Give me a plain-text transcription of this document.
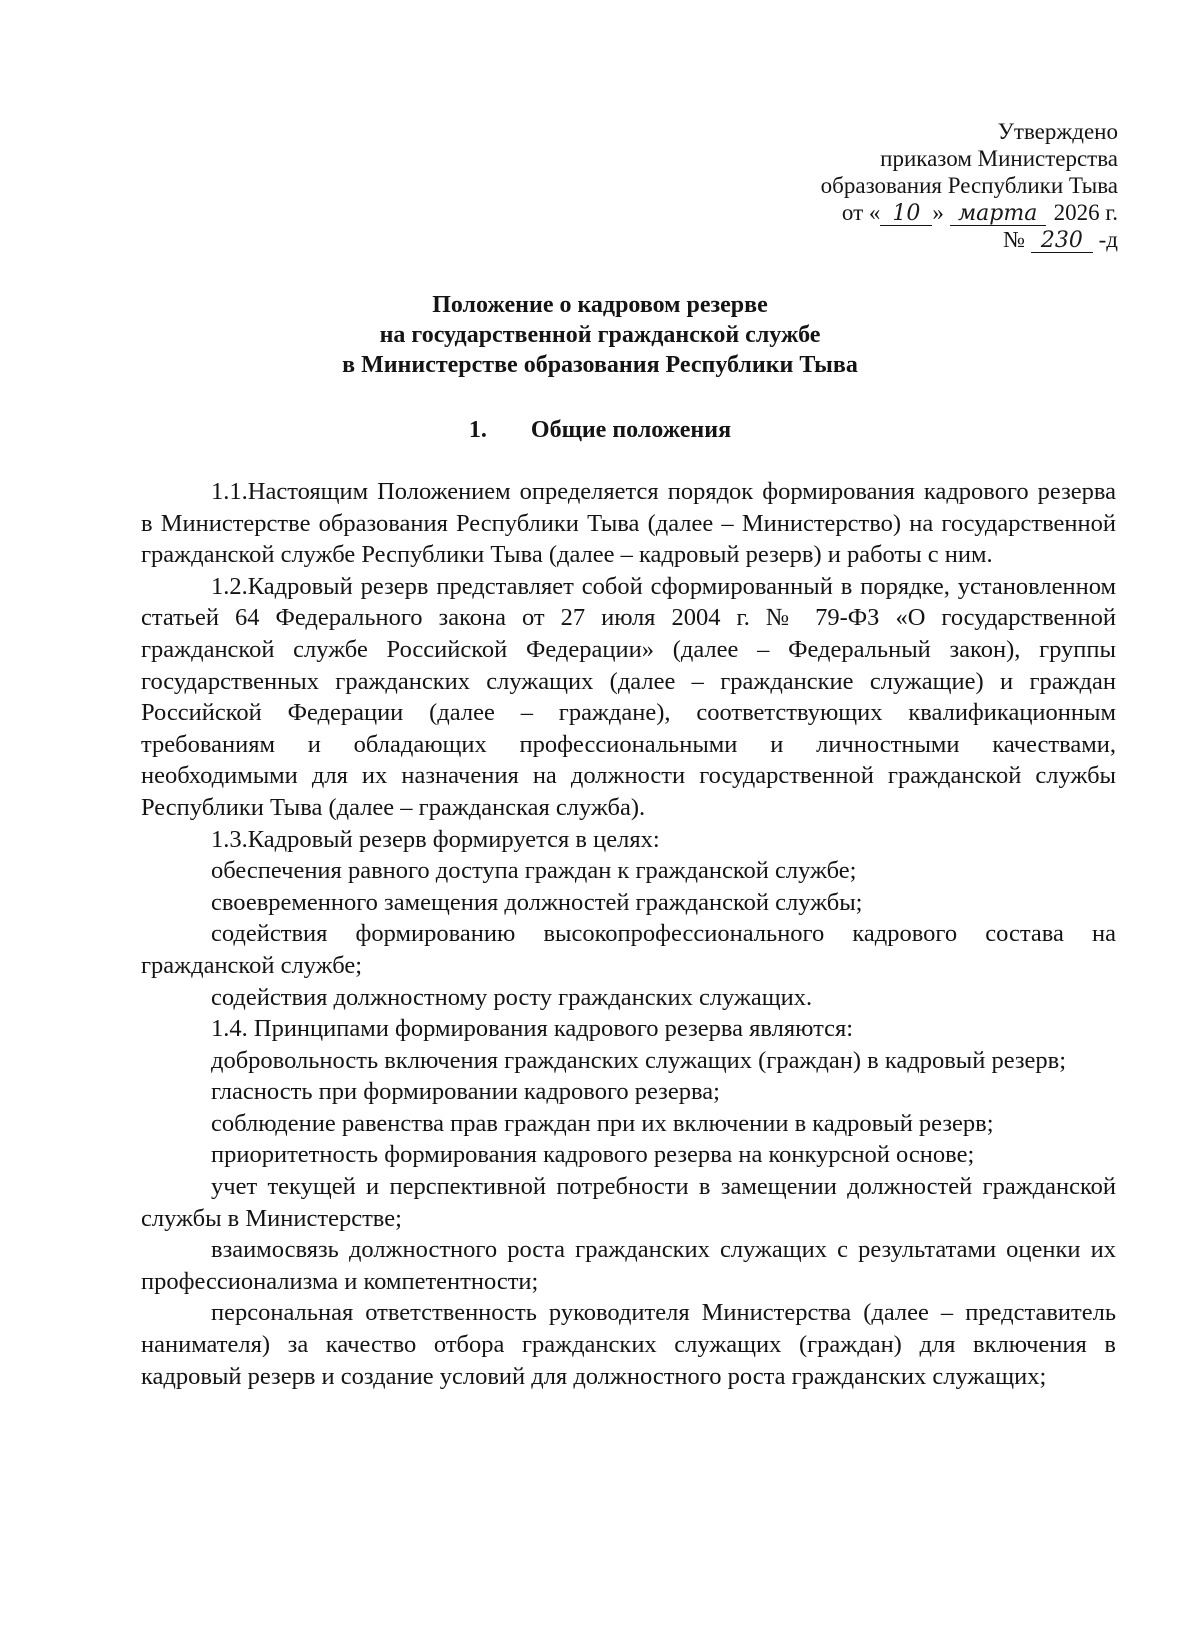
Утверждено
приказом Министерства
образования Республики Тыва
от « 10 » марта 2026 г.
№ 230 -д
Положение о кадровом резерве
на государственной гражданской службе
в Министерстве образования Республики Тыва
1. Общие положения

1.1.Настоящим Положением определяется порядок формирования кадрового резерва в Министерстве образования Республики Тыва (далее – Министерство) на государственной гражданской службе Республики Тыва (далее – кадровый резерв) и работы с ним.

1.2.Кадровый резерв представляет собой сформированный в порядке, установленном статьей 64 Федерального закона от 27 июля 2004 г. № 79-ФЗ «О государственной гражданской службе Российской Федерации» (далее – Федеральный закон), группы государственных гражданских служащих (далее – гражданские служащие) и граждан Российской Федерации (далее – граждане), соответствующих квалификационным требованиям и обладающих профессиональными и личностными качествами, необходимыми для их назначения на должности государственной гражданской службы Республики Тыва (далее – гражданская служба).

1.3.Кадровый резерв формируется в целях:

обеспечения равного доступа граждан к гражданской службе;

своевременного замещения должностей гражданской службы;

содействия формированию высокопрофессионального кадрового состава на гражданской службе;

содействия должностному росту гражданских служащих.

1.4. Принципами формирования кадрового резерва являются:

добровольность включения гражданских служащих (граждан) в кадровый резерв;

гласность при формировании кадрового резерва;

соблюдение равенства прав граждан при их включении в кадровый резерв;

приоритетность формирования кадрового резерва на конкурсной основе;

учет текущей и перспективной потребности в замещении должностей гражданской службы в Министерстве;

взаимосвязь должностного роста гражданских служащих с результатами оценки их профессионализма и компетентности;

персональная ответственность руководителя Министерства (далее – представитель нанимателя) за качество отбора гражданских служащих (граждан) для включения в кадровый резерв и создание условий для должностного роста гражданских служащих;
